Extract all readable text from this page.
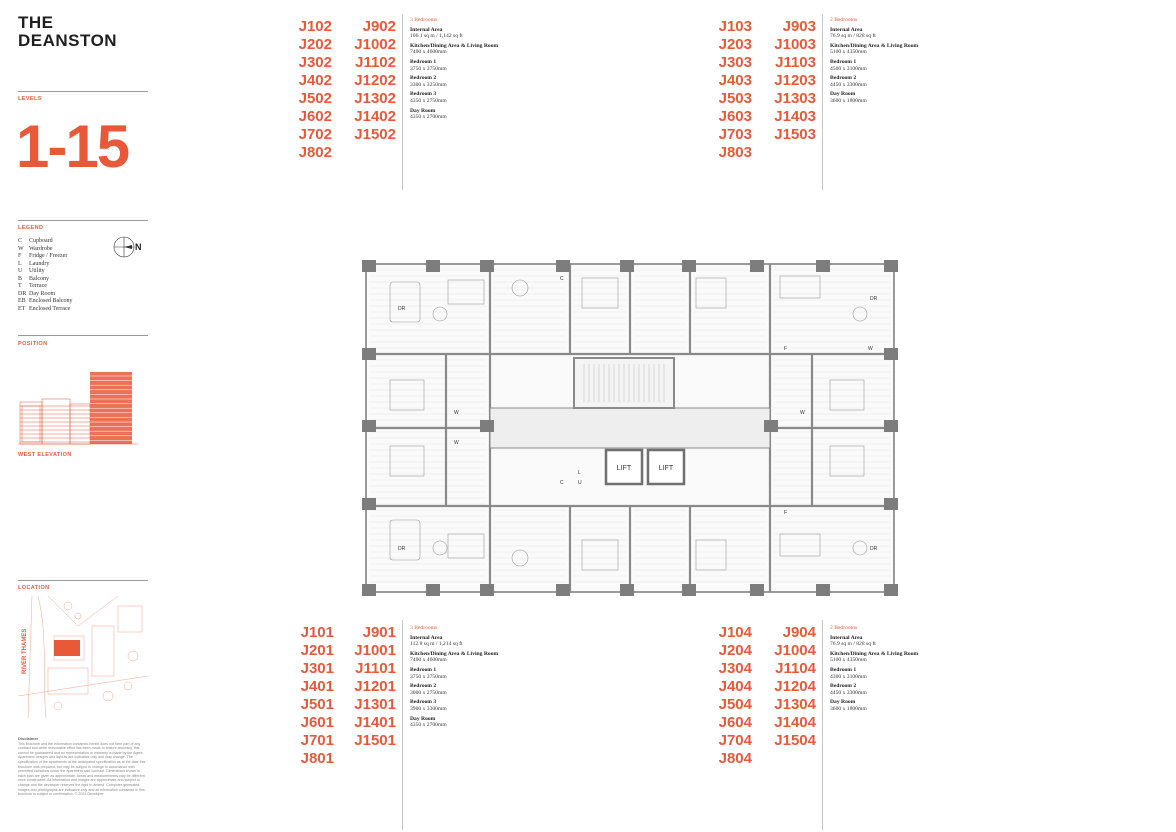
THE
DEANSTON
LEVELS
1-15
LEGEND
C Cupboard
W Wardrobe
F Fridge / Freezer
L Laundry
U Utility
B Balcony
T Terrace
DR Day Room
EB Enclosed Balcony
ET Enclosed Terrace
N
POSITION
WEST ELEVATION
LOCATION
RIVER THAMES
Disclaimer
This brochure and the information contained herein does not form part of any contract and while reasonable effort has been made to ensure accuracy, this cannot be guaranteed and no representation or warranty is made by the Agent. Apartment designs and layouts are indicative only and may change. The specification of the apartments at the anticipated specification as at the date this brochure was prepared, but may be subject to change in accordance with permitted variations under the apartment sale contract. Dimensions shown in each plan are given as approximate. Areas and measurements may be different once constructed. All information and images are approximate and subject to change and the developer reserves the right to amend. Computer generated images and photographs are indicative only and all information contained in this brochure is subject to confirmation. © 2023 Developer
J102
J202
J302
J402
J502
J602
J702
J802
J902
J1002
J1102
J1202
J1302
J1402
J1502
3 Bedrooms
Internal Area
106.1 sq m / 1,142 sq ft
Kitchen/Dining Area & Living Room
7400 x 4600mm
Bedroom 1
3750 x 3750mm
Bedroom 2
3300 x 3250mm
Bedroom 3
4350 x 2750mm
Day Room
4350 x 2700mm
J103
J203
J303
J403
J503
J603
J703
J803
J903
J1003
J1103
J1203
J1303
J1403
J1503
2 Bedrooms
Internal Area
76.9 sq m / 828 sq ft
Kitchen/Dining Area & Living Room
5100 x 4350mm
Bedroom 1
4500 x 3100mm
Bedroom 2
4450 x 3300mm
Day Room
3600 x 1800mm
J101
J201
J301
J401
J501
J601
J701
J801
J901
J1001
J1101
J1201
J1301
J1401
J1501
3 Bedrooms
Internal Area
112.8 sq m / 1,214 sq ft
Kitchen/Dining Area & Living Room
7400 x 4600mm
Bedroom 1
3750 x 3750mm
Bedroom 2
3000 x 2750mm
Bedroom 3
3900 x 3300mm
Day Room
4350 x 2700mm
J104
J204
J304
J404
J504
J604
J704
J804
J904
J1004
J1104
J1204
J1304
J1404
J1504
2 Bedrooms
Internal Area
76.9 sq m / 828 sq ft
Kitchen/Dining Area & Living Room
5100 x 4350mm
Bedroom 1
4300 x 3100mm
Bedroom 2
4450 x 3300mm
Day Room
3600 x 1800mm
LIFT	LIFT
DR
DR
DR
DR
W
W
W
W
F
F
C
C
L
U
